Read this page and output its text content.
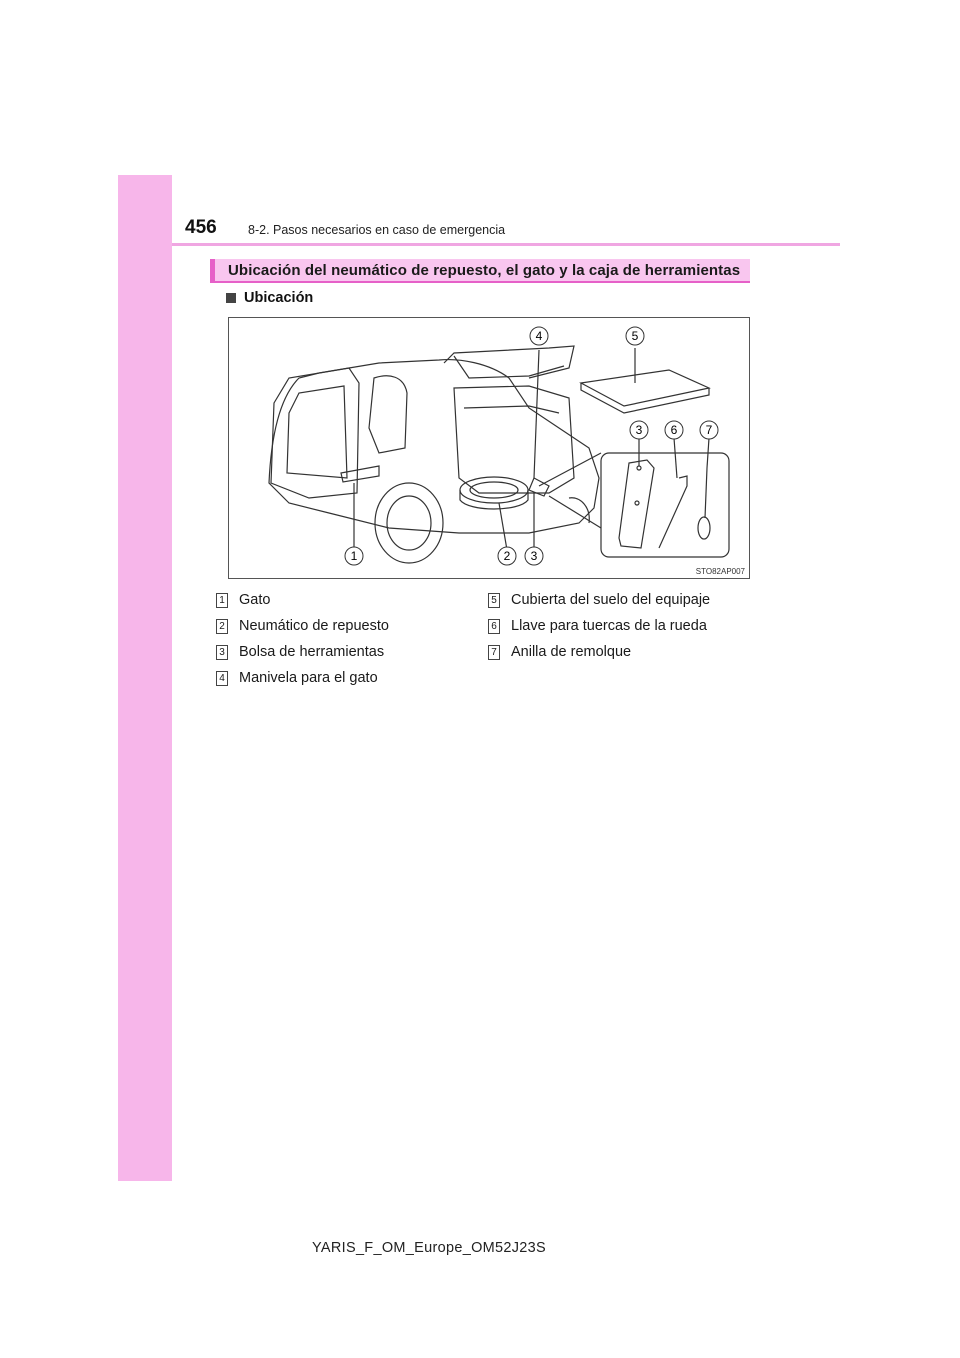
456	8-2. Pasos necesarios en caso de emergencia
Ubicación del neumático de repuesto, el gato y la caja de herramientas
Ubicación
1	2 3
4	5
3 6 7
STO82AP007
1 Gato
2 Neumático de repuesto
3 Bolsa de herramientas
4 Manivela para el gato
5 Cubierta del suelo del equipaje
6 Llave para tuercas de la rueda
7 Anilla de remolque
YARIS_F_OM_Europe_OM52J23S
